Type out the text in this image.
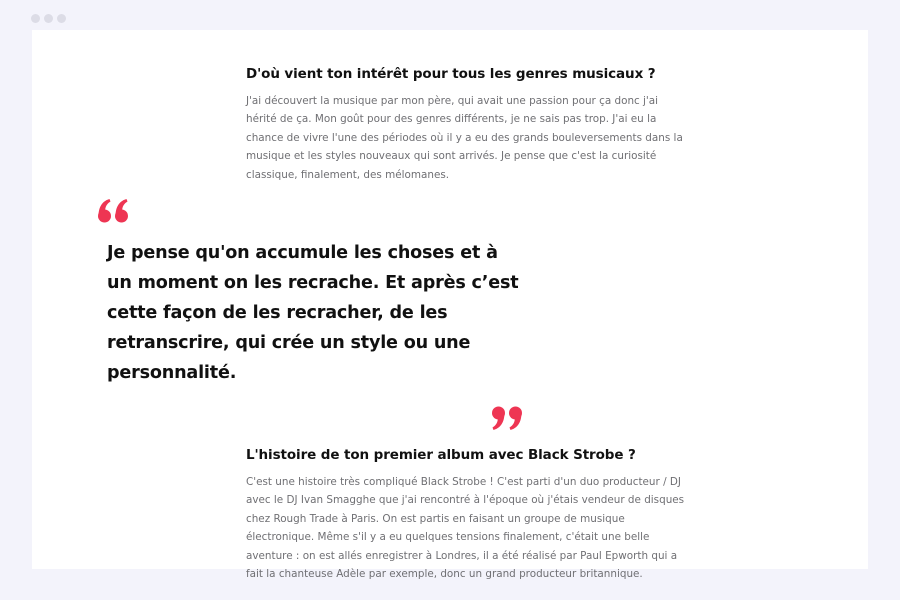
D'où vient ton intérêt pour tous les genres musicaux ?

J'ai découvert la musique par mon père, qui avait une passion pour ça donc j'ai hérité de ça. Mon goût pour des genres différents, je ne sais pas trop. J'ai eu la chance de vivre l'une des périodes où il y a eu des grands bouleversements dans la musique et les styles nouveaux qui sont arrivés. Je pense que c'est la curiosité classique, finalement, des mélomanes.

Je pense qu'on accumule les choses et à un moment on les recrache. Et après c’est cette façon de les recracher, de les retranscrire, qui crée un style ou une personnalité.

L'histoire de ton premier album avec Black Strobe ?

C'est une histoire très compliqué Black Strobe ! C'est parti d'un duo producteur / DJ avec le DJ Ivan Smagghe que j'ai rencontré à l'époque où j'étais vendeur de disques chez Rough Trade à Paris. On est partis en faisant un groupe de musique électronique. Même s'il y a eu quelques tensions finalement, c'était une belle aventure : on est allés enregistrer à Londres, il a été réalisé par Paul Epworth qui a fait la chanteuse Adèle par exemple, donc un grand producteur britannique.
